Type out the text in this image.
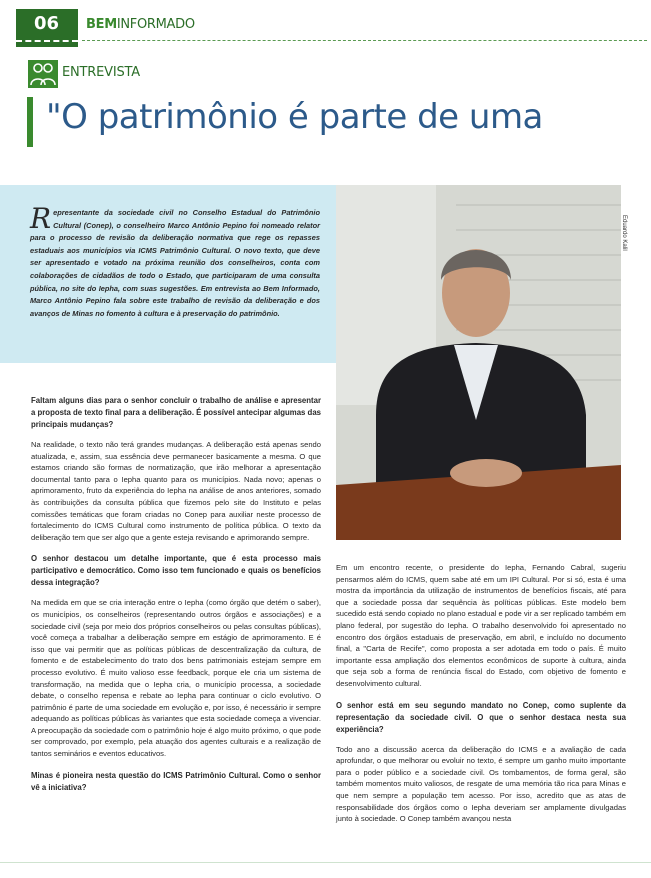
06	BEMINFORMADO
ENTREVISTA
"O patrimônio é parte de uma

Representante da sociedade civil no Conselho Estadual do Patrimônio Cultural (Conep), o conselheiro Marco Antônio Pepino foi nomeado relator para o processo de revisão da deliberação normativa que rege os repasses estaduais aos municípios via ICMS Patrimônio Cultural. O novo texto, que deve ser apresentado e votado na próxima reunião dos conselheiros, conta com colaborações de cidadãos de todo o Estado, que participaram de uma consulta pública, no site do Iepha, com suas sugestões. Em entrevista ao Bem Informado, Marco Antônio Pepino fala sobre este trabalho de revisão da deliberação e dos avanços de Minas no fomento à cultura e à preservação do patrimônio.

Eduardo Kalil

Faltam alguns dias para o senhor concluir o trabalho de análise e apresentar a proposta de texto final para a deliberação. É possível antecipar algumas das principais mudanças?

Na realidade, o texto não terá grandes mudanças. A deliberação está apenas sendo atualizada, e, assim, sua essência deve permanecer basicamente a mesma. O que estamos criando são formas de normatização, que irão melhorar a apresentação documental tanto para o Iepha quanto para os municípios. Nada novo; apenas o aprimoramento, fruto da experiência do Iepha na análise de anos anteriores, somado às contribuições da consulta pública que fizemos pelo site do Instituto e pelas comissões temáticas que foram criadas no Conep para auxiliar neste processo de fortalecimento do ICMS Cultural como instrumento de política pública. O texto da deliberação tem que ser algo que a gente esteja revisando e aprimorando sempre.

O senhor destacou um detalhe importante, que é esta processo mais participativo e democrático. Como isso tem funcionado e quais os benefícios dessa integração?

Na medida em que se cria interação entre o Iepha (como órgão que detém o saber), os municípios, os conselheiros (representando outros órgãos e associações) e a sociedade civil (seja por meio dos próprios conselheiros ou pelas consultas públicas), você começa a trabalhar a deliberação sempre em estágio de aprimoramento. E é isso que vai permitir que as políticas públicas de descentralização da cultura, de fomento e de estabelecimento do trato dos bens patrimoniais estejam sempre em processo evolutivo. É muito valioso esse feedback, porque ele cria um sistema de transformação, na medida que o Iepha cria, o município processa, a sociedade debate, o conselho repensa e rebate ao Iepha para continuar o ciclo evolutivo. O patrimônio é parte de uma sociedade em evolução e, por isso, é necessário ir sempre adequando as políticas públicas às variantes que esta sociedade começa a vivenciar. A preocupação da sociedade com o patrimônio hoje é algo muito próximo, o que pode ser comprovado, por exemplo, pela atuação dos agentes culturais e a realização de tantos seminários e eventos educativos.

Minas é pioneira nesta questão do ICMS Patrimônio Cultural. Como o senhor vê a iniciativa?

Em um encontro recente, o presidente do Iepha, Fernando Cabral, sugeriu pensarmos além do ICMS, quem sabe até em um IPI Cultural. Por si só, esta é uma mostra da importância da utilização de instrumentos de benefícios fiscais, até para que a sociedade possa dar sequência às políticas públicas. Este modelo bem sucedido está sendo copiado no plano estadual e pode vir a ser replicado também em plano federal, por sugestão do Iepha. O trabalho desenvolvido foi apresentado no encontro dos órgãos estaduais de preservação, em abril, e incluído no documento final, a "Carta de Recife", como proposta a ser adotada em todo o país. É muito importante essa ampliação dos elementos econômicos de suporte à cultura, ainda que seja sob a forma de renúncia fiscal do Estado, com objetivo de fomento e desenvolvimento cultural.

O senhor está em seu segundo mandato no Conep, como suplente da representação da sociedade civil. O que o senhor destaca nesta sua experiência?

Todo ano a discussão acerca da deliberação do ICMS e a avaliação de cada aprofundar, o que melhorar ou evoluir no texto, é sempre um ganho muito importante para o poder público e a sociedade civil. Os tombamentos, de forma geral, são também momentos muito valiosos, de resgate de uma memória tão rica para Minas e que nem sempre a população tem acesso. Por isso, acredito que as atas de responsabilidade dos órgãos como o Iepha deveriam ser amplamente divulgadas junto à sociedade. O Conep também avançou nesta
